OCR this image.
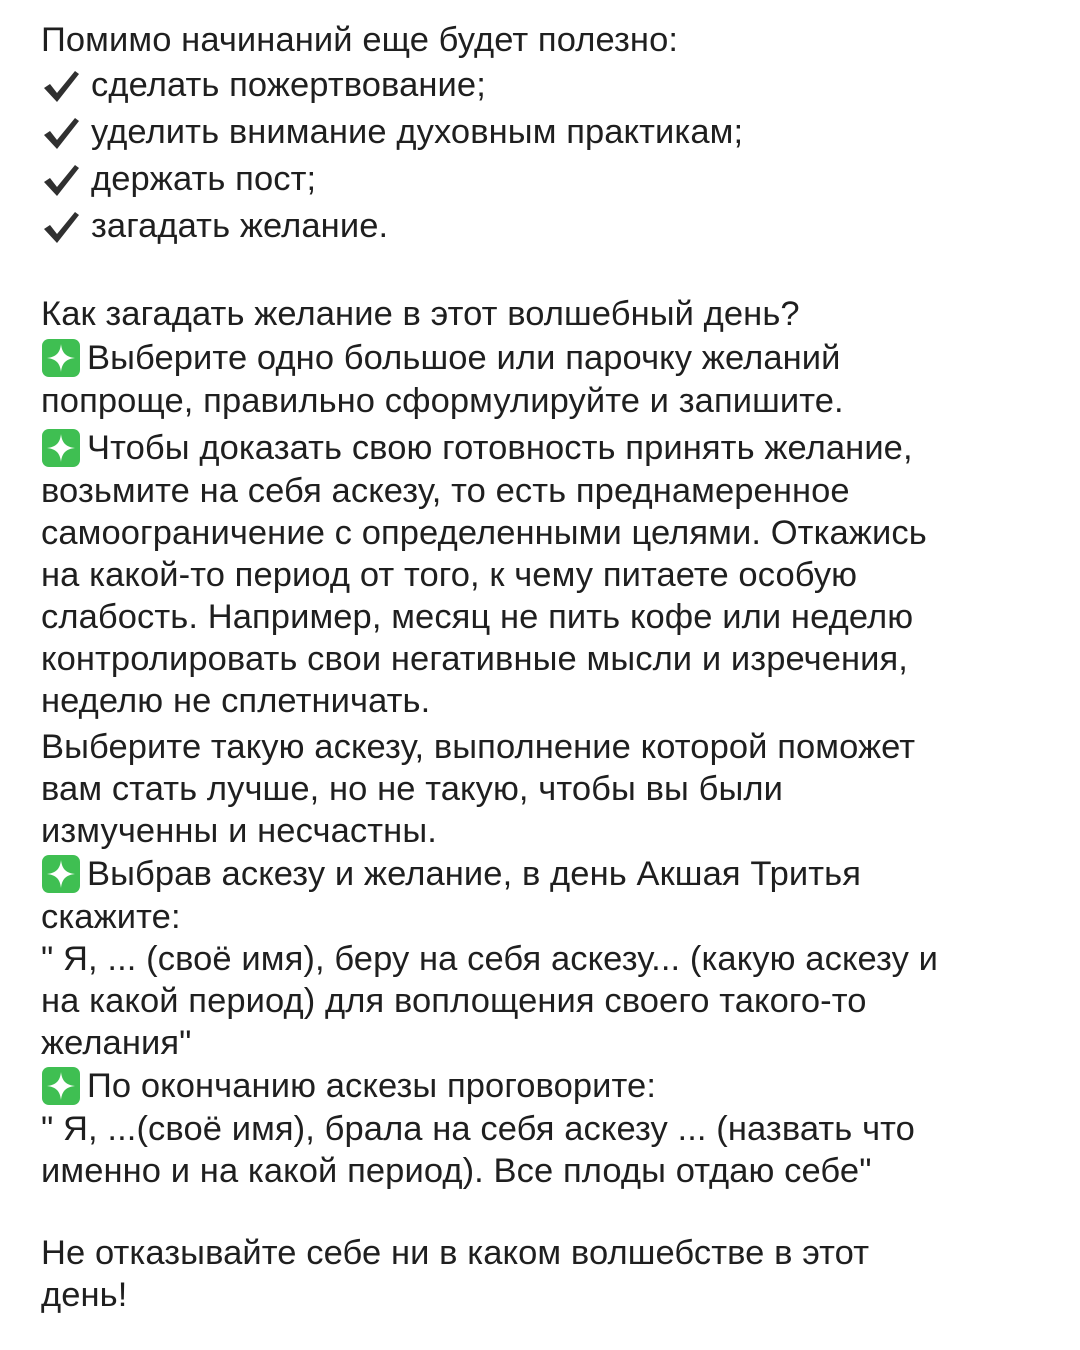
Помимо начинаний еще будет полезно:
сделать пожертвование;
уделить внимание духовным практикам;
держать пост;
загадать желание.
Как загадать желание в этот волшебный день?
Выберите одно большое или парочку желаний
попроще, правильно сформулируйте и запишите.
Чтобы доказать свою готовность принять желание,
возьмите на себя аскезу, то есть преднамеренное
самоограничение с определенными целями. Откажись
на какой-то период от того, к чему питаете особую
слабость. Например, месяц не пить кофе или неделю
контролировать свои негативные мысли и изречения,
неделю не сплетничать.
Выберите такую аскезу, выполнение которой поможет
вам стать лучше, но не такую, чтобы вы были
измученны и несчастны.
Выбрав аскезу и желание, в день Акшая Тритья
скажите:
" Я, ... (своё имя), беру на себя аскезу... (какую аскезу и
на какой период) для воплощения своего такого-то
желания"
По окончанию аскезы проговорите:
" Я, ...(своё имя), брала на себя аскезу ... (назвать что
именно и на какой период). Все плоды отдаю себе"
Не отказывайте себе ни в каком волшебстве в этот
день!
